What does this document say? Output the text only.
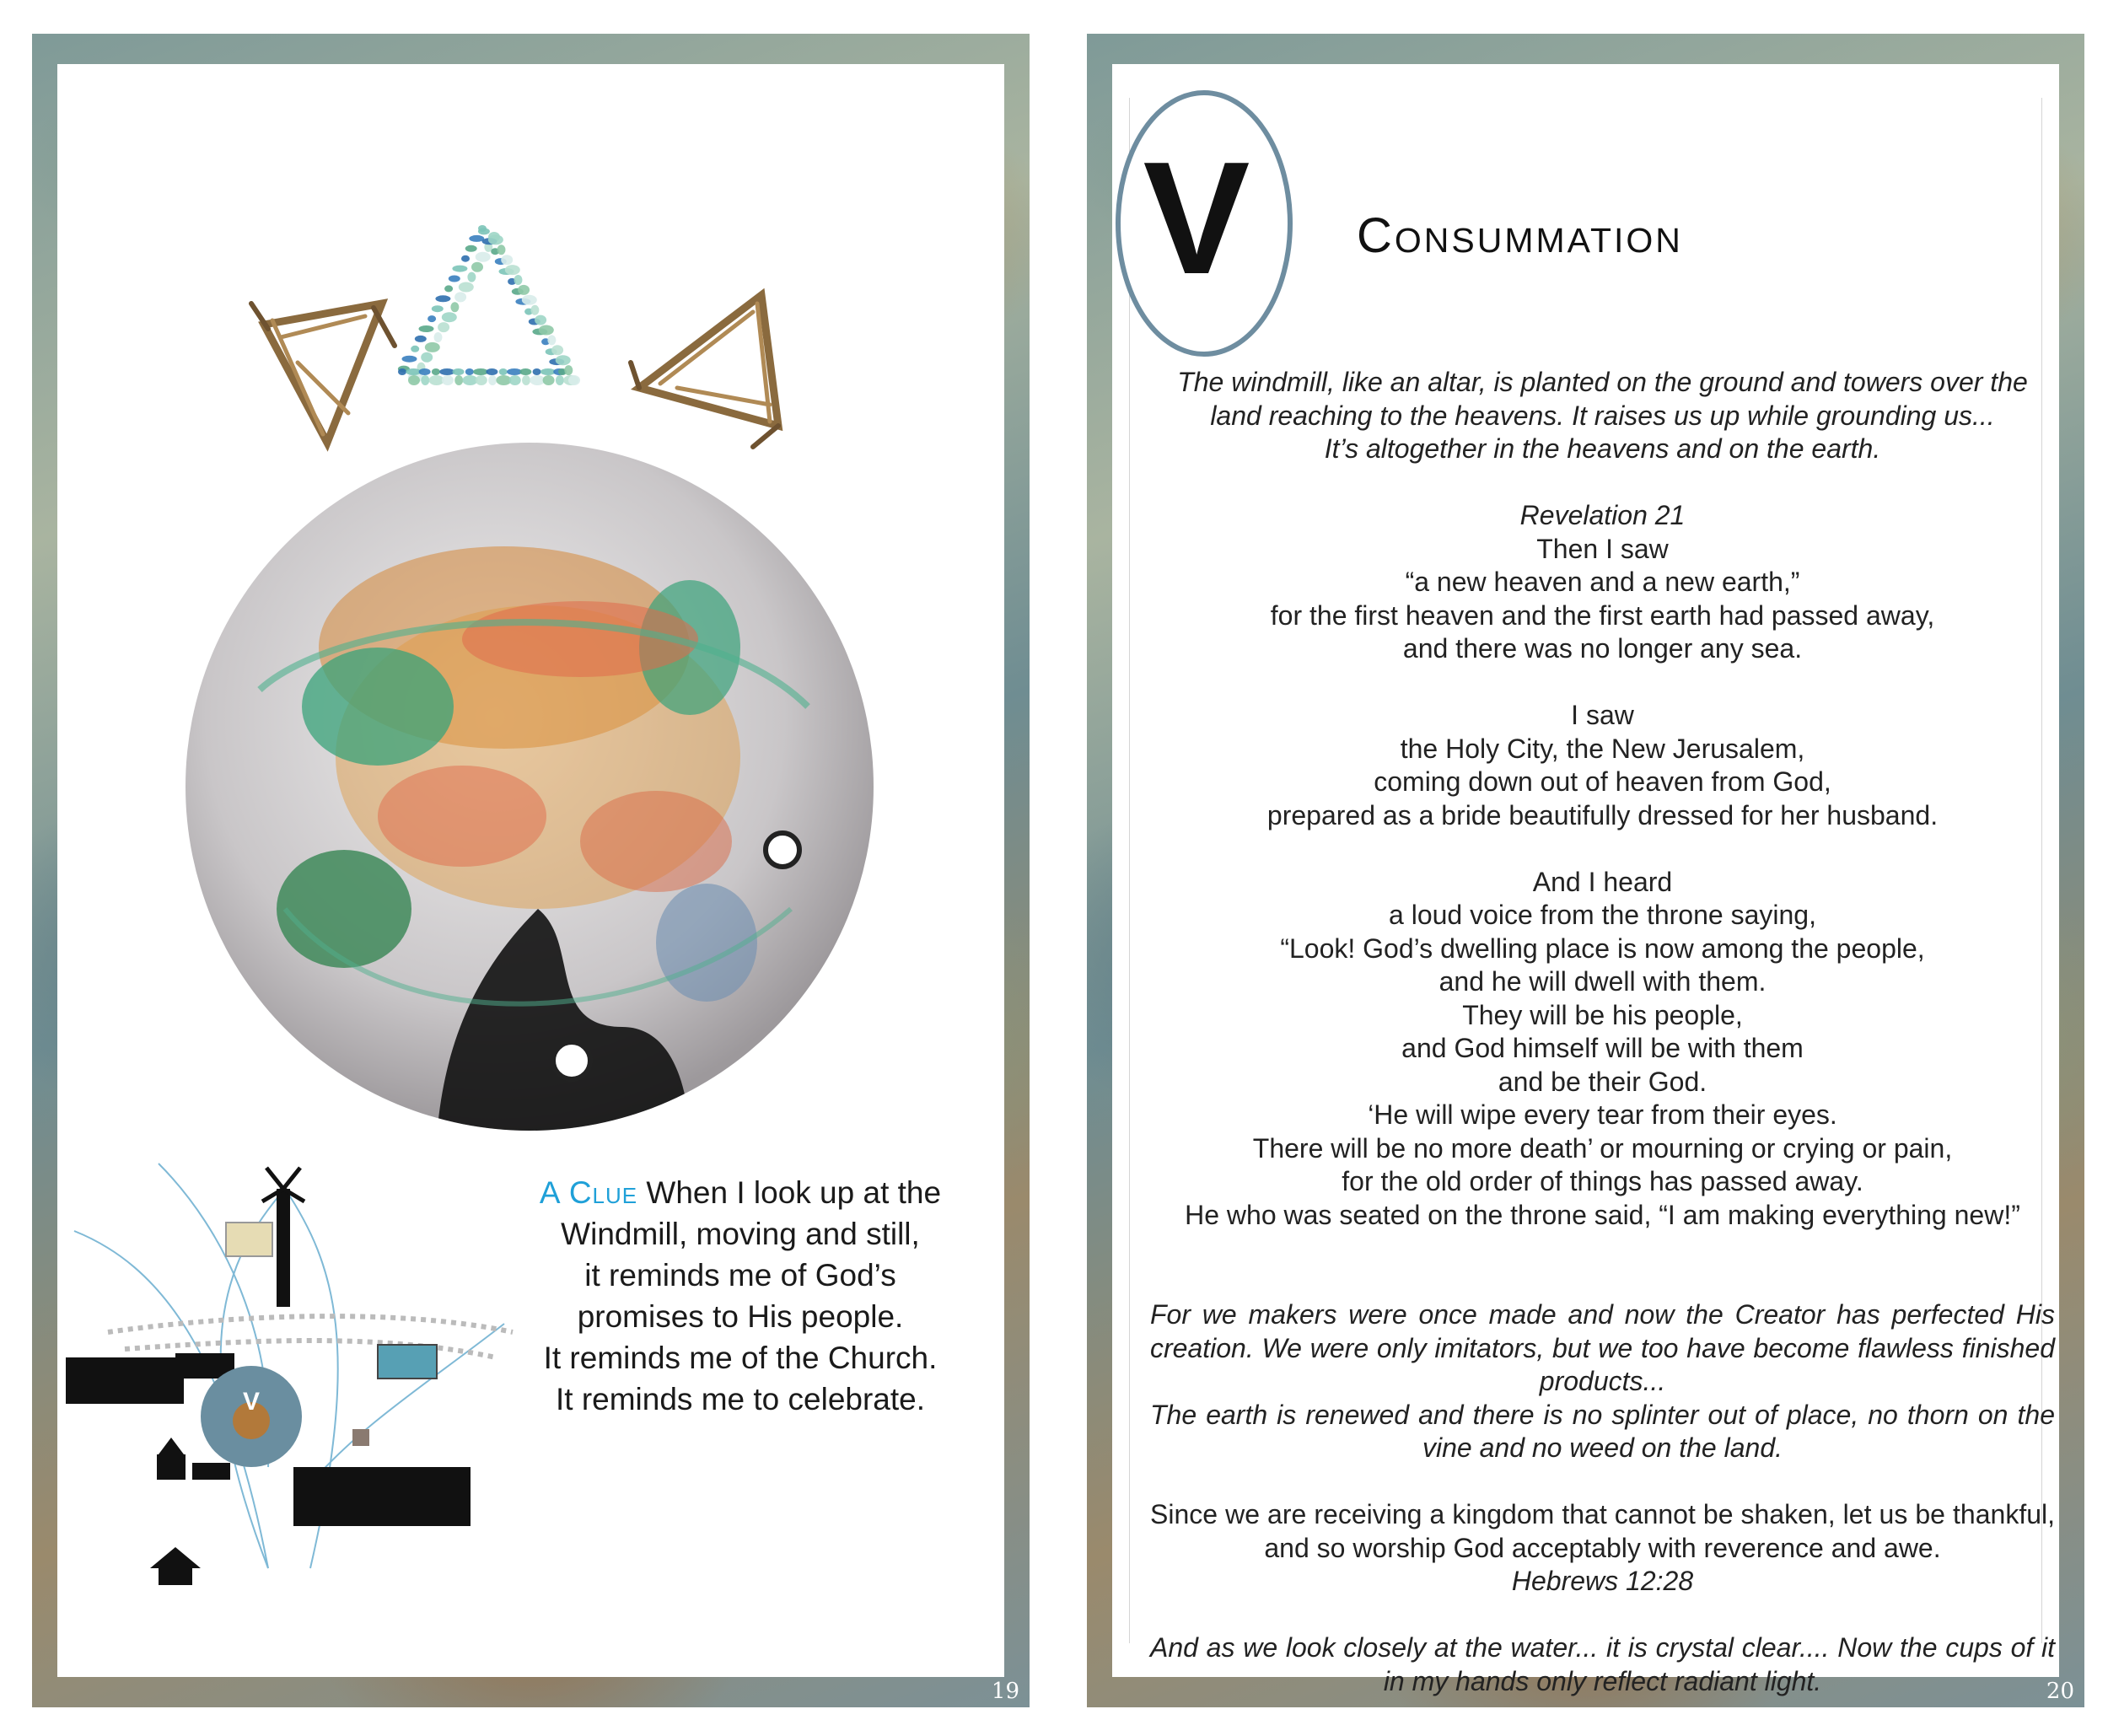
V
A Clue When I look up at the
Windmill, moving and still,
it reminds me of God’s
promises to His people.
It reminds me of the Church.
It reminds me to celebrate.
19
V Consummation

The windmill, like an altar, is planted on the ground and towers over the

land reaching to the heavens. It raises us up while grounding us...

It’s altogether in the heavens and on the earth.

Revelation 21

Then I saw

“a new heaven and a new earth,”

for the first heaven and the first earth had passed away,

and there was no longer any sea.

I saw

the Holy City, the New Jerusalem,

coming down out of heaven from God,

prepared as a bride beautifully dressed for her husband.

And I heard

a loud voice from the throne saying,

“Look! God’s dwelling place is now among the people,

and he will dwell with them.

They will be his people,

and God himself will be with them

and be their God.

‘He will wipe every tear from their eyes.

There will be no more death’ or mourning or crying or pain,

for the old order of things has passed away.

He who was seated on the throne said, “I am making everything new!”

For we makers were once made and now the Creator has perfected His creation. We were only imitators, but we too have become flawless finished products...

The earth is renewed and there is no splinter out of place, no thorn on the vine and no weed on the land.

Since we are receiving a kingdom that cannot be shaken, let us be thankful, and so worship God acceptably with reverence and awe.

Hebrews 12:28

And as we look closely at the water... it is crystal clear.... Now the cups of it in my hands only reflect radiant light.	20
